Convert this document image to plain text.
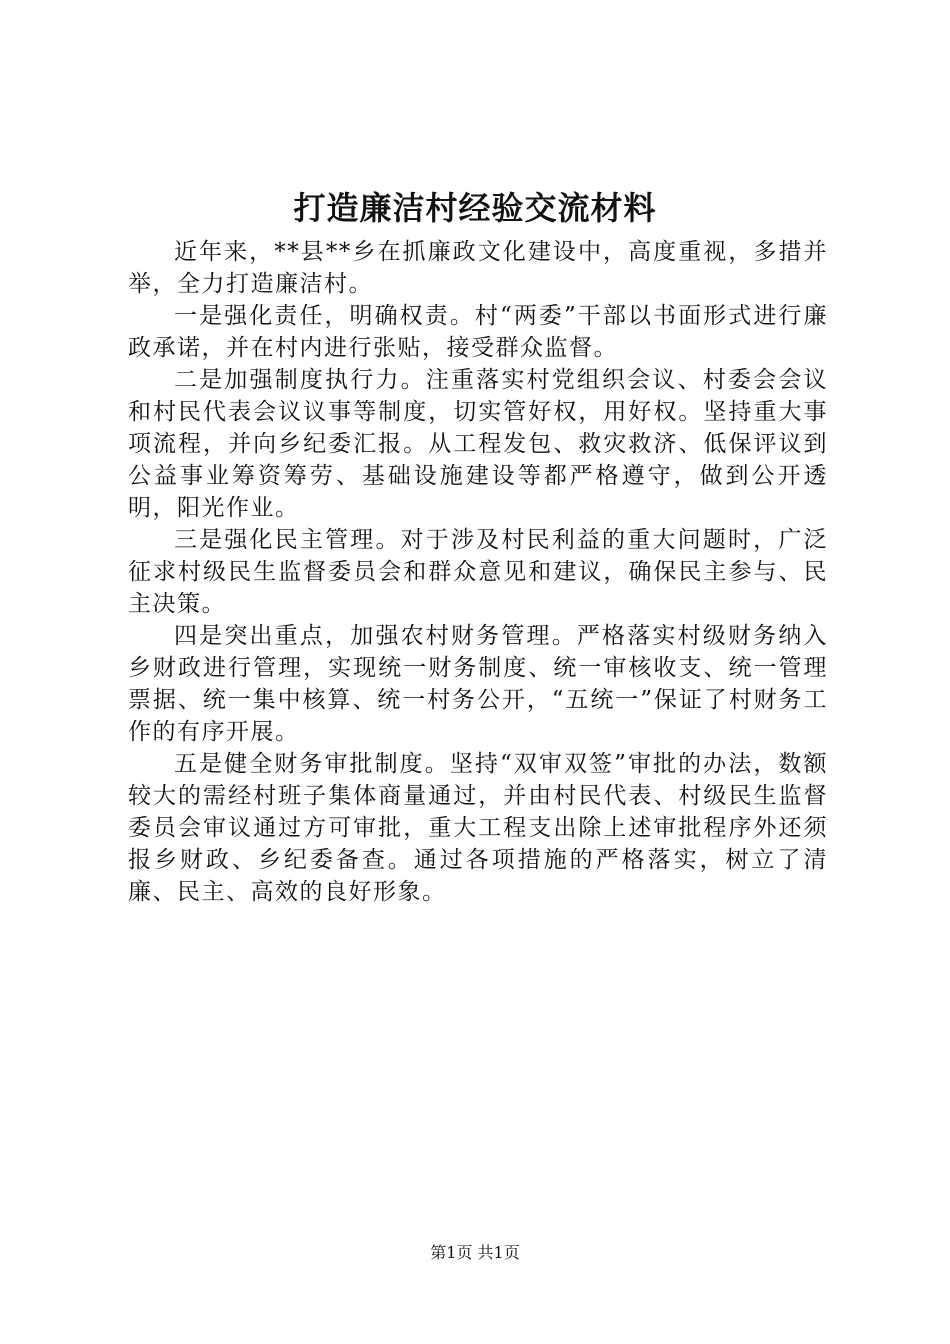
打造廉洁村经验交流材料

近年来，**县**乡在抓廉政文化建设中，高度重视，多措并举，全力打造廉洁村。

一是强化责任，明确权责。村“两委”干部以书面形式进行廉政承诺，并在村内进行张贴，接受群众监督。

二是加强制度执行力。注重落实村党组织会议、村委会会议和村民代表会议议事等制度，切实管好权，用好权。坚持重大事项流程，并向乡纪委汇报。从工程发包、救灾救济、低保评议到公益事业筹资筹劳、基础设施建设等都严格遵守，做到公开透明，阳光作业。

三是强化民主管理。对于涉及村民利益的重大问题时，广泛征求村级民生监督委员会和群众意见和建议，确保民主参与、民主决策。

四是突出重点，加强农村财务管理。严格落实村级财务纳入乡财政进行管理，实现统一财务制度、统一审核收支、统一管理票据、统一集中核算、统一村务公开，“五统一”保证了村财务工作的有序开展。

五是健全财务审批制度。坚持“双审双签”审批的办法，数额较大的需经村班子集体商量通过，并由村民代表、村级民生监督委员会审议通过方可审批，重大工程支出除上述审批程序外还须报乡财政、乡纪委备查。通过各项措施的严格落实，树立了清廉、民主、高效的良好形象。

第1页 共1页
